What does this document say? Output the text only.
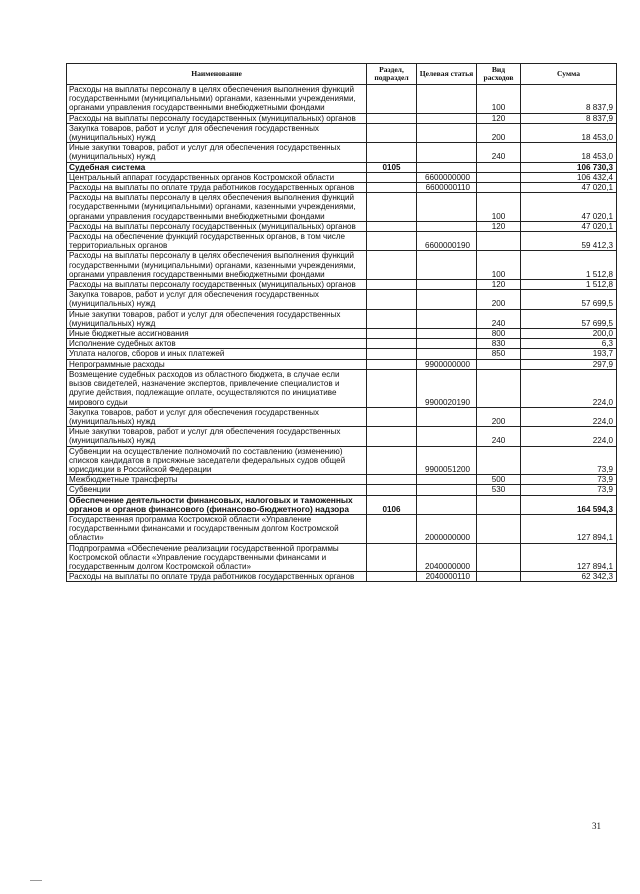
Наименование	Раздел, подраздел	Целевая статья	Вид расходов	Сумма
Расходы на выплаты персоналу в целях обеспечения выполнения функций государственными (муниципальными) органами, казенными учреждениями, органами управления государственными внебюджетными фондами			100	8 837,9
Расходы на выплаты персоналу государственных (муниципальных) органов			120	8 837,9
Закупка товаров, работ и услуг для обеспечения государственных (муниципальных) нужд			200	18 453,0
Иные закупки товаров, работ и услуг для обеспечения государственных (муниципальных) нужд			240	18 453,0
Судебная система	0105			106 730,3
Центральный аппарат государственных органов Костромской области		6600000000		106 432,4
Расходы на выплаты по оплате труда работников государственных органов		6600000110		47 020,1
Расходы на выплаты персоналу в целях обеспечения выполнения функций государственными (муниципальными) органами, казенными учреждениями, органами управления государственными внебюджетными фондами			100	47 020,1
Расходы на выплаты персоналу государственных (муниципальных) органов			120	47 020,1
Расходы на обеспечение функций государственных органов, в том числе территориальных органов		6600000190		59 412,3
Расходы на выплаты персоналу в целях обеспечения выполнения функций государственными (муниципальными) органами, казенными учреждениями, органами управления государственными внебюджетными фондами			100	1 512,8
Расходы на выплаты персоналу государственных (муниципальных) органов			120	1 512,8
Закупка товаров, работ и услуг для обеспечения государственных (муниципальных) нужд			200	57 699,5
Иные закупки товаров, работ и услуг для обеспечения государственных (муниципальных) нужд			240	57 699,5
Иные бюджетные ассигнования			800	200,0
Исполнение судебных актов			830	6,3
Уплата налогов, сборов и иных платежей			850	193,7
Непрограммные расходы		9900000000		297,9
Возмещение судебных расходов из областного бюджета, в случае если вызов свидетелей, назначение экспертов, привлечение специалистов и другие действия, подлежащие оплате, осуществляются по инициативе мирового судьи		9900020190		224,0
Закупка товаров, работ и услуг для обеспечения государственных (муниципальных) нужд			200	224,0
Иные закупки товаров, работ и услуг для обеспечения государственных (муниципальных) нужд			240	224,0
Субвенции на осуществление полномочий по составлению (изменению) списков кандидатов в присяжные заседатели федеральных судов общей юрисдикции в Российской Федерации		9900051200		73,9
Межбюджетные трансферты			500	73,9
Субвенции			530	73,9
Обеспечение деятельности финансовых, налоговых и таможенных органов и органов финансового (финансово-бюджетного) надзора	0106			164 594,3
Государственная программа Костромской области «Управление государственными финансами и государственным долгом Костромской области»		2000000000		127 894,1
Подпрограмма «Обеспечение реализации государственной программы Костромской области «Управление государственными финансами и государственным долгом Костромской области»		2040000000		127 894,1
Расходы на выплаты по оплате труда работников государственных органов		2040000110		62 342,3
31
